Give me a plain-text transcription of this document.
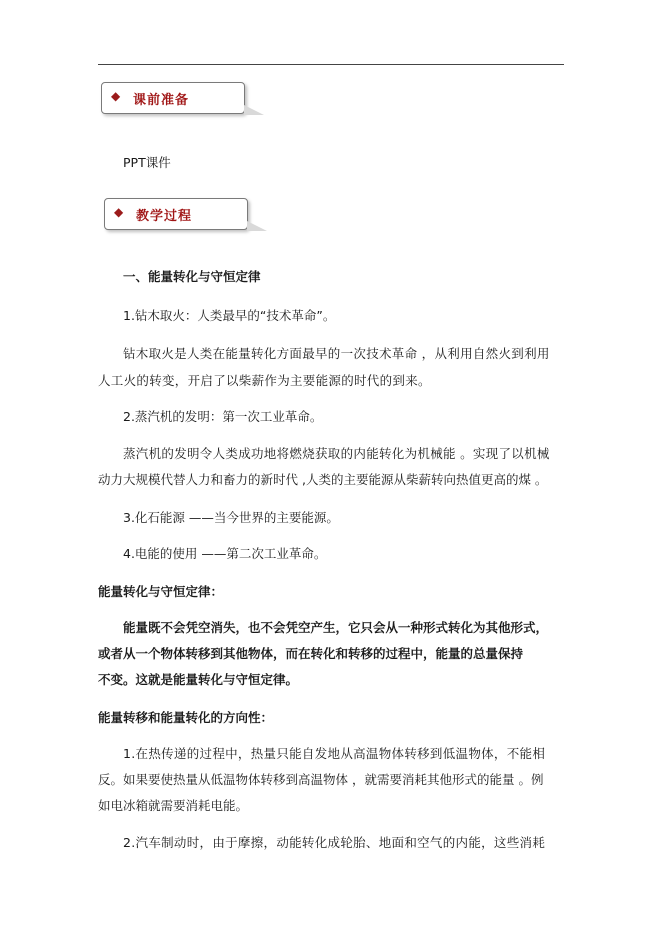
◆ 课前准备
PPT课件
◆ 教学过程
一、能量转化与守恒定律
1.钻木取火：人类最早的“技术革命”。
钻木取火是人类在能量转化方面最早的一次技术革命 ，从利用自然火到利用
人工火的转变，开启了以柴薪作为主要能源的时代的到来。
2.蒸汽机的发明：第一次工业革命。
蒸汽机的发明令人类成功地将燃烧获取的内能转化为机械能 。实现了以机械
动力大规模代替人力和畜力的新时代 ,人类的主要能源从柴薪转向热值更高的煤 。
3.化石能源 ——当今世界的主要能源。
4.电能的使用 ——第二次工业革命。
能量转化与守恒定律：
能量既不会凭空消失，也不会凭空产生，它只会从一种形式转化为其他形式，
或者从一个物体转移到其他物体，而在转化和转移的过程中，能量的总量保持
不变。这就是能量转化与守恒定律。
能量转移和能量转化的方向性：
1.在热传递的过程中，热量只能自发地从高温物体转移到低温物体，不能相
反。如果要使热量从低温物体转移到高温物体 ，就需要消耗其他形式的能量 。例
如电冰箱就需要消耗电能。
2.汽车制动时，由于摩擦，动能转化成轮胎、地面和空气的内能，这些消耗
